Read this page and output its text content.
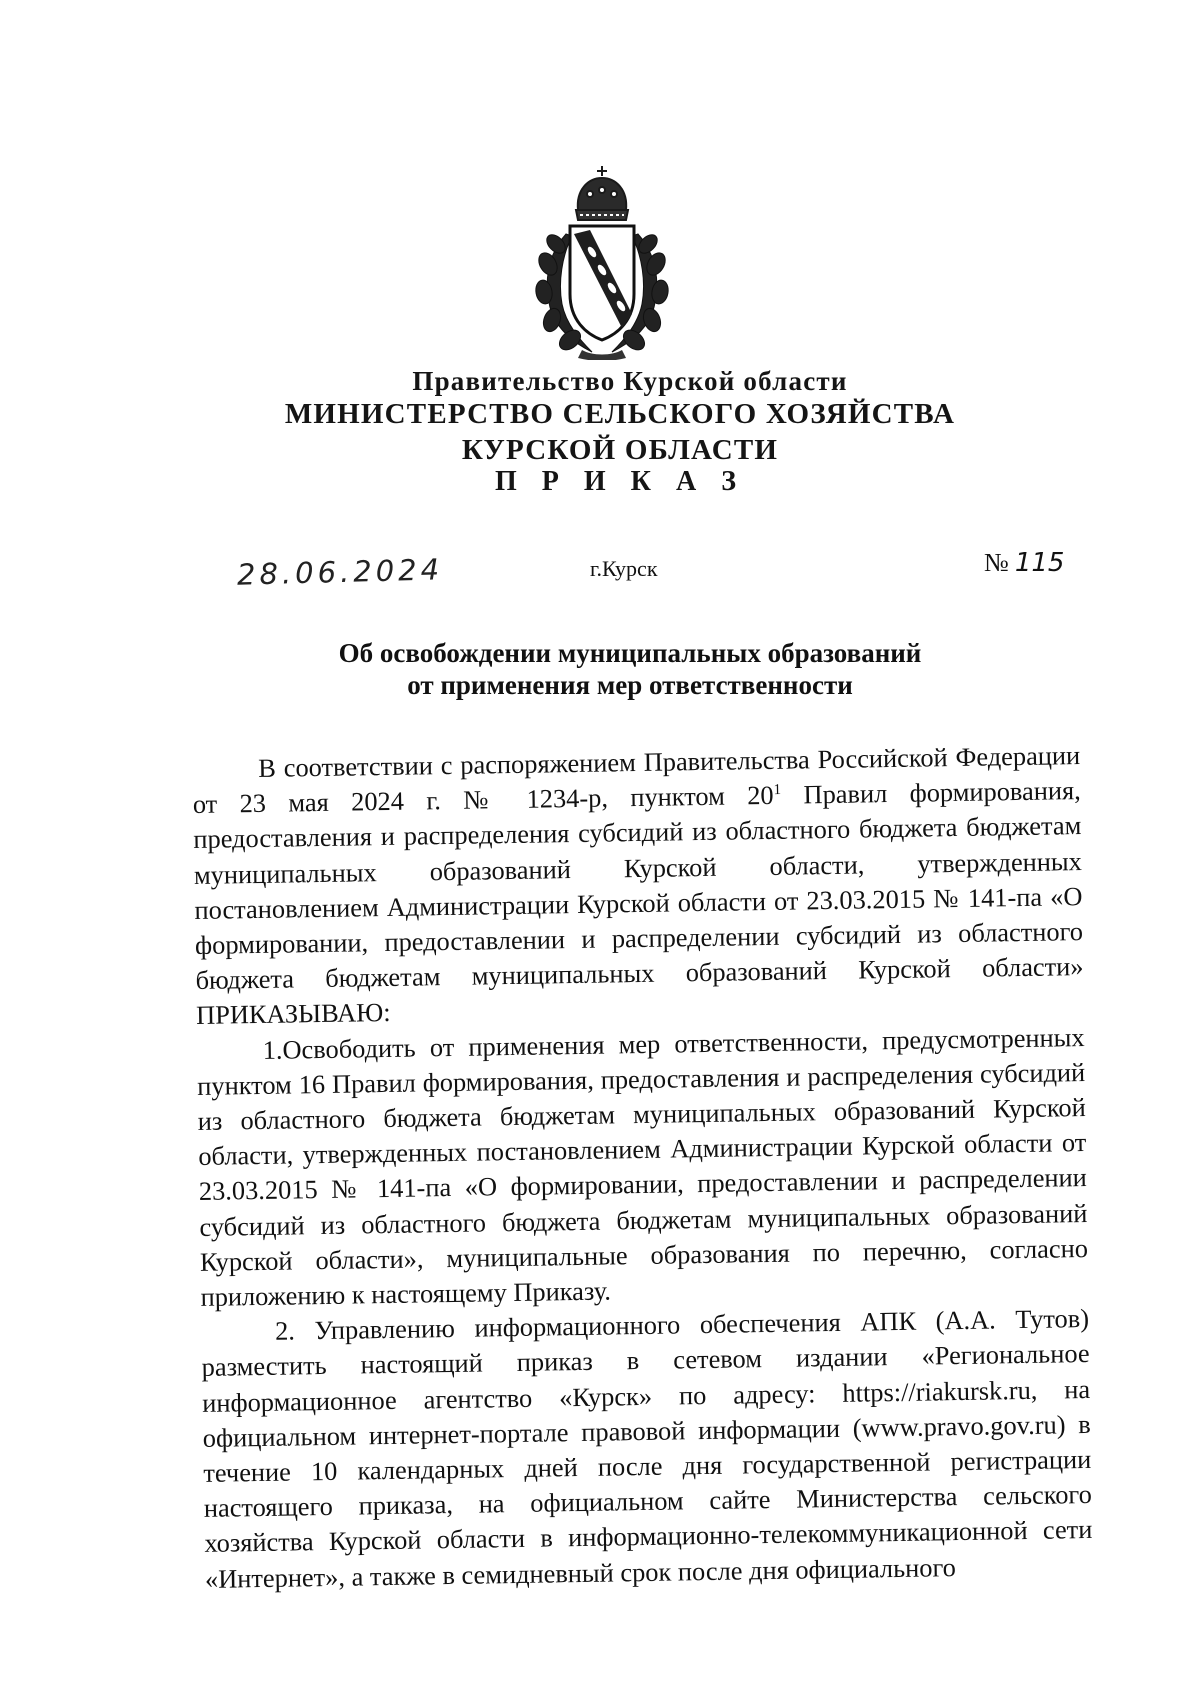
Правительство Курской области
МИНИСТЕРСТВО СЕЛЬСКОГО ХОЗЯЙСТВА
КУРСКОЙ ОБЛАСТИ
П Р И К А З
28.06.2024	г.Курск	№ 115
Об освобождении муниципальных образований
от применения мер ответственности

В соответствии с распоряжением Правительства Российской Федерации от 23 мая 2024 г. № 1234-р, пунктом $20^1$ Правил формирования, предоставления и распределения субсидий из областного бюджета бюджетам муниципальных образований Курской области, утвержденных постановлением Администрации Курской области от 23.03.2015 № 141-па «О формировании, предоставлении и распределении субсидий из областного бюджета бюджетам муниципальных образований Курской области» ПРИКАЗЫВАЮ:

1.Освободить от применения мер ответственности, предусмотренных пунктом 16 Правил формирования, предоставления и распределения субсидий из областного бюджета бюджетам муниципальных образований Курской области, утвержденных постановлением Администрации Курской области от 23.03.2015 № 141-па «О формировании, предоставлении и распределении субсидий из областного бюджета бюджетам муниципальных образований Курской области», муниципальные образования по перечню, согласно приложению к настоящему Приказу.

2. Управлению информационного обеспечения АПК (А.А. Тутов) разместить настоящий приказ в сетевом издании «Региональное информационное агентство «Курск» по адресу: https://riakursk.ru, на официальном интернет-портале правовой информации (www.pravo.gov.ru) в течение 10 календарных дней после дня государственной регистрации настоящего приказа, на официальном сайте Министерства сельского хозяйства Курской области в информационно-телекоммуникационной сети «Интернет», а также в семидневный срок после дня официального
